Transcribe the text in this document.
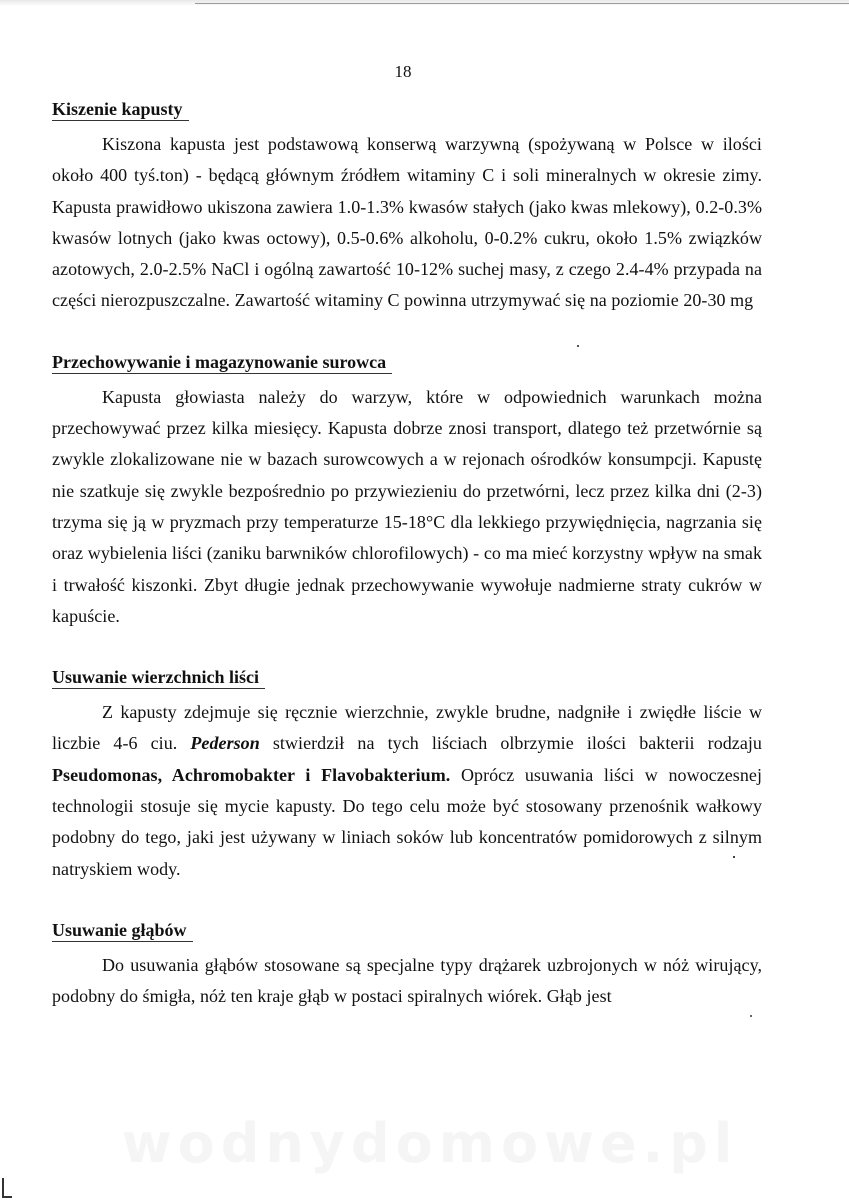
18
Kiszenie kapusty

Kiszona kapusta jest podstawową konserwą warzywną (spożywaną w Polsce w ilości około 400 tyś.ton) - będącą głównym źródłem witaminy C i soli mineralnych w okresie zimy. Kapusta prawidłowo ukiszona zawiera 1.0-1.3% kwasów stałych (jako kwas mlekowy), 0.2-0.3% kwasów lotnych (jako kwas octowy), 0.5-0.6% alkoholu, 0-0.2% cukru, około 1.5% związków azotowych, 2.0-2.5% NaCl i ogólną zawartość 10-12% suchej masy, z czego 2.4-4% przypada na części nierozpuszczalne. Zawartość witaminy C powinna utrzymywać się na poziomie 20-30 mg

Przechowywanie i magazynowanie surowca

Kapusta głowiasta należy do warzyw, które w odpowiednich warunkach można przechowywać przez kilka miesięcy. Kapusta dobrze znosi transport, dlatego też przetwórnie są zwykle zlokalizowane nie w bazach surowcowych a w rejonach ośrodków konsumpcji. Kapustę nie szatkuje się zwykle bezpośrednio po przywiezieniu do przetwórni, lecz przez kilka dni (2-3) trzyma się ją w pryzmach przy temperaturze 15-18°C dla lekkiego przywiędnięcia, nagrzania się oraz wybielenia liści (zaniku barwników chlorofilowych) - co ma mieć korzystny wpływ na smak i trwałość kiszonki. Zbyt długie jednak przechowywanie wywołuje nadmierne straty cukrów w kapuście.

Usuwanie wierzchnich liści

Z kapusty zdejmuje się ręcznie wierzchnie, zwykle brudne, nadgniłe i zwiędłe liście w liczbie 4-6 ciu. Pederson stwierdził na tych liściach olbrzymie ilości bakterii rodzaju Pseudomonas, Achromobakter i Flavobakterium. Oprócz usuwania liści w nowoczesnej technologii stosuje się mycie kapusty. Do tego celu może być stosowany przenośnik wałkowy podobny do tego, jaki jest używany w liniach soków lub koncentratów pomidorowych z silnym natryskiem wody.

Usuwanie głąbów

Do usuwania głąbów stosowane są specjalne typy drążarek uzbrojonych w nóż wirujący, podobny do śmigła, nóż ten kraje głąb w postaci spiralnych wiórek. Głąb jest

wodnydomowe.pl
